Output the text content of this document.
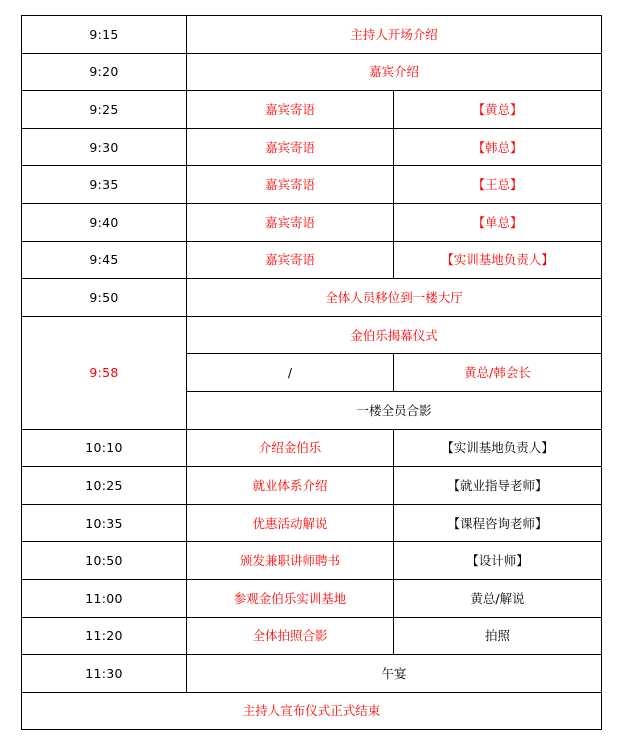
9:15	主持人开场介绍	
9:20	嘉宾介绍	
9:25	嘉宾寄语	【黄总】
9:30	嘉宾寄语	【韩总】
9:35	嘉宾寄语	【王总】
9:40	嘉宾寄语	【单总】
9:45	嘉宾寄语	【实训基地负责人】
9:50	全体人员移位到一楼大厅	
9:58	金伯乐揭幕仪式	
	/	黄总/韩会长
	一楼全员合影	
10:10	介绍金伯乐	【实训基地负责人】
10:25	就业体系介绍	【就业指导老师】
10:35	优惠活动解说	【课程咨询老师】
10:50	颁发兼职讲师聘书	【设计师】
11:00	参观金伯乐实训基地	黄总/解说
11:20	全体拍照合影	拍照
11:30	午宴	
主持人宣布仪式正式结束		
